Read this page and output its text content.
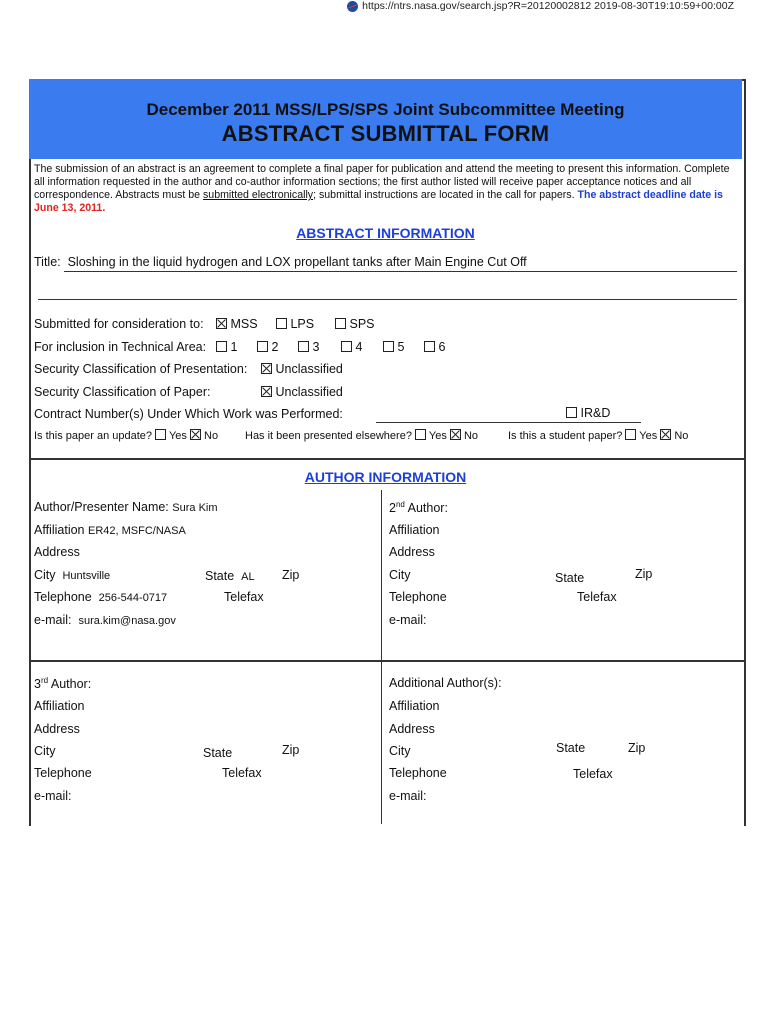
https://ntrs.nasa.gov/search.jsp?R=20120002812 2019-08-30T19:10:59+00:00Z
December 2011 MSS/LPS/SPS Joint Subcommittee Meeting
ABSTRACT SUBMITTAL FORM
The submission of an abstract is an agreement to complete a final paper for publication and attend the meeting to present this information. Complete all information requested in the author and co-author information sections; the first author listed will receive paper acceptance notices and all correspondence. Abstracts must be submitted electronically; submittal instructions are located in the call for papers. The abstract deadline date is June 13, 2011.
ABSTRACT INFORMATION
Title: Sloshing in the liquid hydrogen and LOX propellant tanks after Main Engine Cut Off
Submitted for consideration to:	MSS	LPS	SPS
For inclusion in Technical Area:	1	2	3	4	5	6
Security Classification of Presentation:	Unclassified
Security Classification of Paper:	Unclassified
Contract Number(s) Under Which Work was Performed:	IR&D
Is this paper an update? Yes No Has it been presented elsewhere? Yes No	Is this a student paper? Yes No
AUTHOR INFORMATION
Author/Presenter Name: Sura Kim
Affiliation ER42, MSFC/NASA
Address
City Huntsville	State AL Zip
Telephone 256-544-0717	Telefax
e-mail: sura.kim@nasa.gov
2nd Author:
Affiliation
Address
City	State	Zip
Telephone	Telefax
e-mail:
3rd Author:
Affiliation
Address
City	State	Zip
Telephone	Telefax
e-mail:
Additional Author(s):
Affiliation
Address
City	State	Zip
Telephone	Telefax
e-mail:
